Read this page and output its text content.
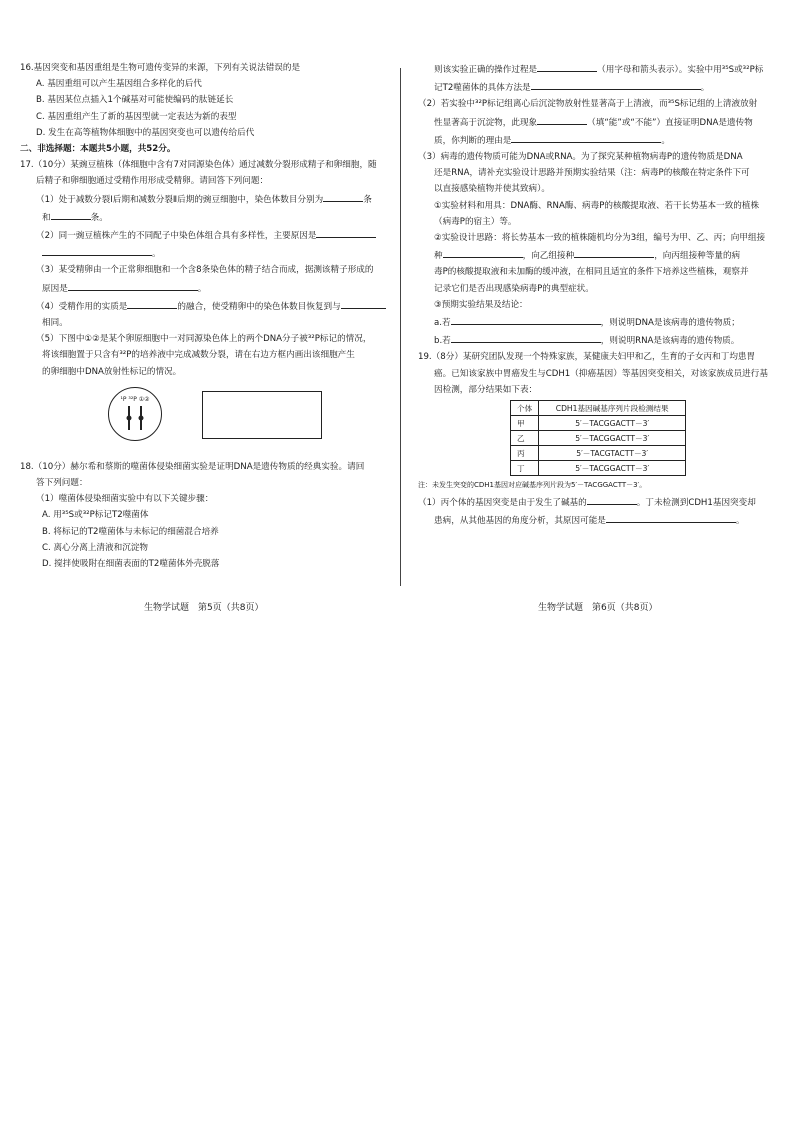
16.基因突变和基因重组是生物可遗传变异的来源，下列有关说法错误的是
A. 基因重组可以产生基因组合多样化的后代
B. 基因某位点插入1个碱基对可能使编码的肽链延长
C. 基因重组产生了新的基因型就一定表达为新的表型
D. 发生在高等植物体细胞中的基因突变也可以遗传给后代
二、非选择题：本题共5小题，共52分。
17.（10分）某豌豆植株（体细胞中含有7对同源染色体）通过减数分裂形成精子和卵细胞，随
后精子和卵细胞通过受精作用形成受精卵。请回答下列问题：
（1）处于减数分裂Ⅰ后期和减数分裂Ⅱ后期的豌豆细胞中，染色体数目分别为	条
和	条。
（2）同一豌豆植株产生的不同配子中染色体组合具有多样性，主要原因是
。
（3）某受精卵由一个正常卵细胞和一个含8条染色体的精子结合而成，据测该精子形成的
原因是	。
（4）受精作用的实质是	的融合，使受精卵中的染色体数目恢复到与
相同。
（5）下图中①②是某个卵原细胞中一对同源染色体上的两个DNA分子被³²P标记的情况，
将该细胞置于只含有³²P的培养液中完成减数分裂，请在右边方框内画出该细胞产生
的卵细胞中DNA放射性标记的情况。
¹P ³²P ①②
18.（10分）赫尔希和蔡斯的噬菌体侵染细菌实验是证明DNA是遗传物质的经典实验。请回
答下列问题：
（1）噬菌体侵染细菌实验中有以下关键步骤：
A. 用³⁵S或³²P标记T2噬菌体
B. 将标记的T2噬菌体与未标记的细菌混合培养
C. 离心分离上清液和沉淀物
D. 搅拌使吸附在细菌表面的T2噬菌体外壳脱落
生物学试题　第5页（共8页）
则该实验正确的操作过程是	（用字母和箭头表示）。实验中用³⁵S或³²P标
记T2噬菌体的具体方法是	。
（2）若实验中³²P标记组离心后沉淀物放射性显著高于上清液，而³⁵S标记组的上清液放射
性显著高于沉淀物，此现象	（填“能”或“不能”）直接证明DNA是遗传物
质，你判断的理由是	。
（3）病毒的遗传物质可能为DNA或RNA。为了探究某种植物病毒P的遗传物质是DNA
还是RNA，请补充实验设计思路并预期实验结果（注：病毒P的核酸在特定条件下可
以直接感染植物并使其致病）。
①实验材料和用具：DNA酶、RNA酶、病毒P的核酸提取液、若干长势基本一致的植株
（病毒P的宿主）等。
②实验设计思路：将长势基本一致的植株随机均分为3组，编号为甲、乙、丙；向甲组接
种	，向乙组接种	，向丙组接种等量的病
毒P的核酸提取液和未加酶的缓冲液，在相同且适宜的条件下培养这些植株，观察并
记录它们是否出现感染病毒P的典型症状。
③预期实验结果及结论：
a.若	，则说明DNA是该病毒的遗传物质；
b.若	，则说明RNA是该病毒的遗传物质。
19.（8分）某研究团队发现一个特殊家族，某健康夫妇甲和乙，生育的子女丙和丁均患胃
癌。已知该家族中胃癌发生与CDH1（抑癌基因）等基因突变相关，对该家族成员进行基
因检测，部分结果如下表：
个体	CDH1基因碱基序列片段检测结果
甲	5′－TACGGACTT－3′
乙	5′－TACGGACTT－3′
丙	5′－TACGTACTT－3′
丁	5′－TACGGACTT－3′
注：未发生突变的CDH1基因对应碱基序列片段为5′－TACGGACTT－3′。
（1）丙个体的基因突变是由于发生了碱基的	。丁未检测到CDH1基因突变却
患病，从其他基因的角度分析，其原因可能是	。
生物学试题　第6页（共8页）
